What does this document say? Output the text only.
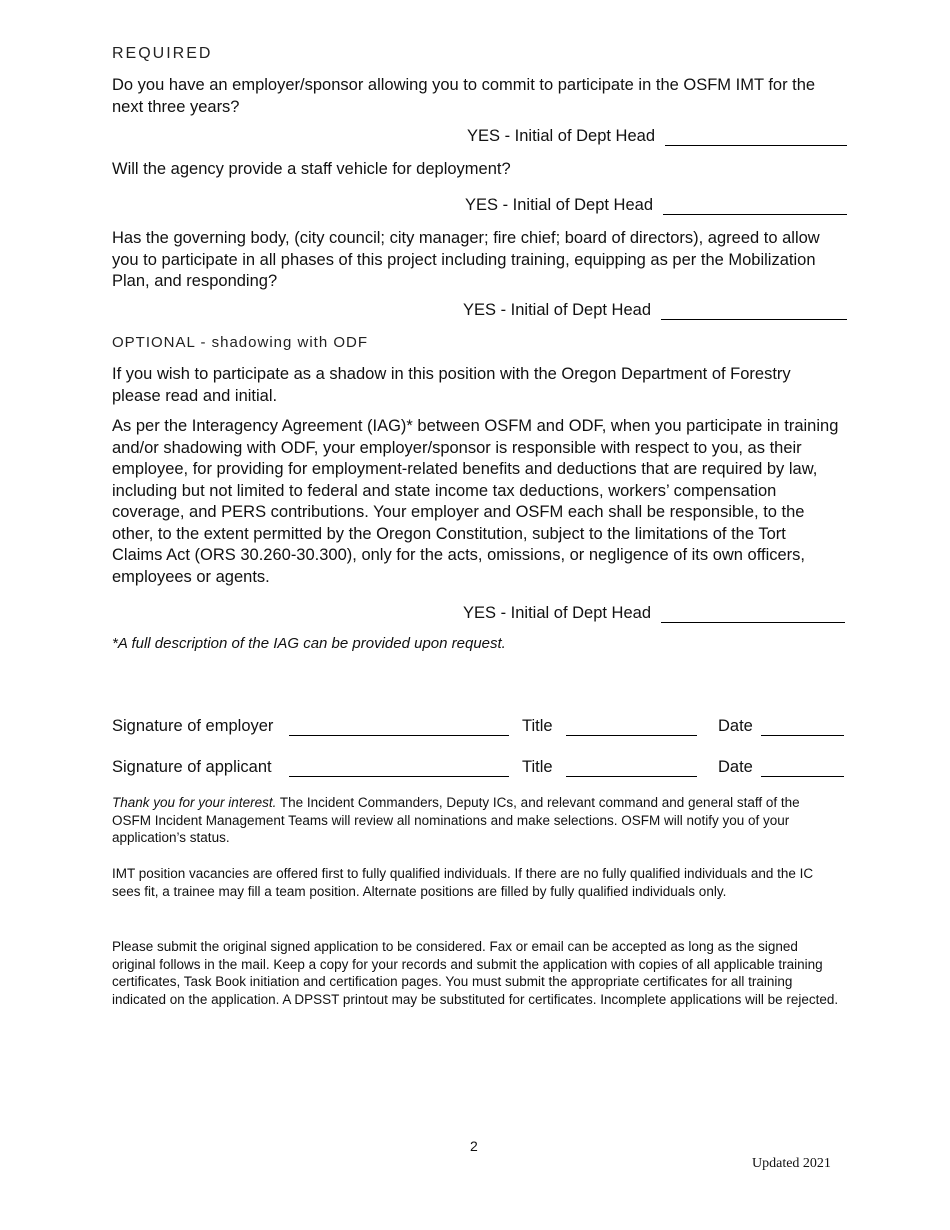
REQUIRED
Do you have an employer/sponsor allowing you to commit to participate in the OSFM IMT for the next three years?
YES - Initial of Dept Head
Will the agency provide a staff vehicle for deployment?
YES - Initial of Dept Head
Has the governing body, (city council; city manager; fire chief; board of directors), agreed to allow you to participate in all phases of this project including training, equipping as per the Mobilization Plan, and responding?
YES - Initial of Dept Head
OPTIONAL - shadowing with ODF
If you wish to participate as a shadow in this position with the Oregon Department of Forestry please read and initial.
As per the Interagency Agreement (IAG)* between OSFM and ODF, when you participate in training and/or shadowing with ODF, your employer/sponsor is responsible with respect to you, as their employee, for providing for employment-related benefits and deductions that are required by law, including but not limited to federal and state income tax deductions, workers’ compensation coverage, and PERS contributions. Your employer and OSFM each shall be responsible, to the other, to the extent permitted by the Oregon Constitution, subject to the limitations of the Tort Claims Act (ORS 30.260-30.300), only for the acts, omissions, or negligence of its own officers, employees or agents.
YES - Initial of Dept Head
*A full description of the IAG can be provided upon request.
Signature of employer	Title	Date
Signature of applicant	Title	Date
Thank you for your interest. The Incident Commanders, Deputy ICs, and relevant command and general staff of the OSFM Incident Management Teams will review all nominations and make selections. OSFM will notify you of your application’s status.
IMT position vacancies are offered first to fully qualified individuals. If there are no fully qualified individuals and the IC sees fit, a trainee may fill a team position. Alternate positions are filled by fully qualified individuals only.
Please submit the original signed application to be considered. Fax or email can be accepted as long as the signed original follows in the mail. Keep a copy for your records and submit the application with copies of all applicable training certificates, Task Book initiation and certification pages. You must submit the appropriate certificates for all training indicated on the application. A DPSST printout may be substituted for certificates. Incomplete applications will be rejected.
2
Updated 2021
